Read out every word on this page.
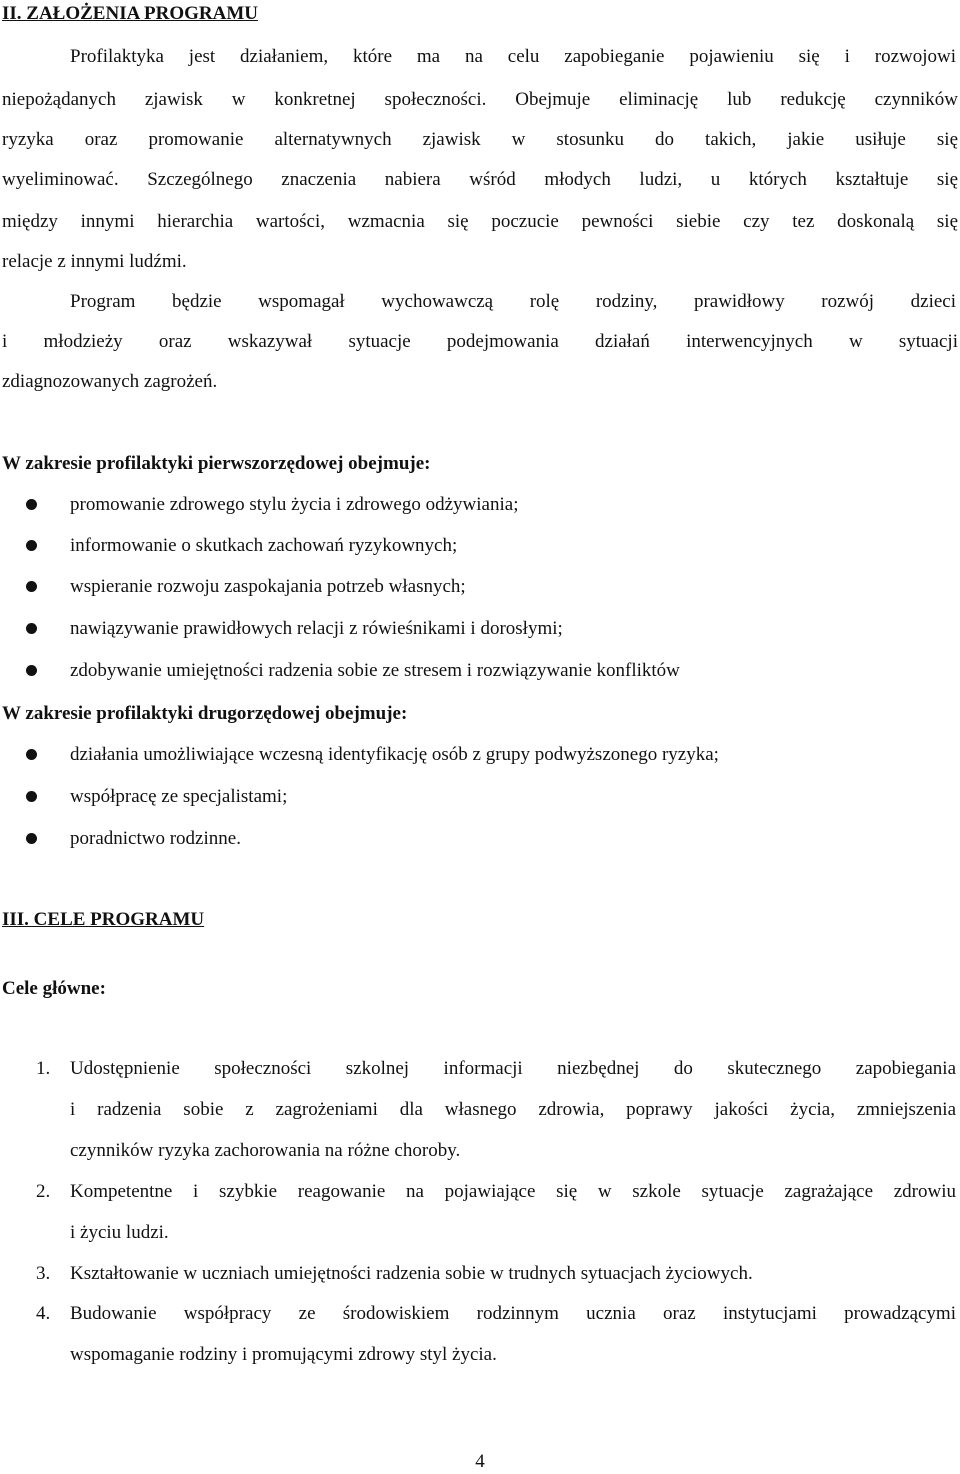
II. ZAŁOŻENIA PROGRAMU
Profilaktyka jest działaniem, które ma na celu zapobieganie pojawieniu się i rozwojowi
niepożądanych zjawisk w konkretnej społeczności. Obejmuje eliminację lub redukcję czynników
ryzyka oraz promowanie alternatywnych zjawisk w stosunku do takich, jakie usiłuje się
wyeliminować. Szczególnego znaczenia nabiera wśród młodych ludzi, u których kształtuje się
między innymi hierarchia wartości, wzmacnia się poczucie pewności siebie czy tez doskonalą się
relacje z innymi ludźmi.
Program będzie wspomagał wychowawczą rolę rodziny, prawidłowy rozwój dzieci
i młodzieży oraz wskazywał sytuacje podejmowania działań interwencyjnych w sytuacji
zdiagnozowanych zagrożeń.
W zakresie profilaktyki pierwszorzędowej obejmuje:
promowanie zdrowego stylu życia i zdrowego odżywiania;
informowanie o skutkach zachowań ryzykownych;
wspieranie rozwoju zaspokajania potrzeb własnych;
nawiązywanie prawidłowych relacji z rówieśnikami i dorosłymi;
zdobywanie umiejętności radzenia sobie ze stresem i rozwiązywanie konfliktów
W zakresie profilaktyki drugorzędowej obejmuje:
działania umożliwiające wczesną identyfikację osób z grupy podwyższonego ryzyka;
współpracę ze specjalistami;
poradnictwo rodzinne.
III. CELE PROGRAMU
Cele główne:
1. Udostępnienie społeczności szkolnej informacji niezbędnej do skutecznego zapobiegania
i radzenia sobie z zagrożeniami dla własnego zdrowia, poprawy jakości życia, zmniejszenia
czynników ryzyka zachorowania na różne choroby.
2. Kompetentne i szybkie reagowanie na pojawiające się w szkole sytuacje zagrażające zdrowiu
i życiu ludzi.
3. Kształtowanie w uczniach umiejętności radzenia sobie w trudnych sytuacjach życiowych.
4. Budowanie współpracy ze środowiskiem rodzinnym ucznia oraz instytucjami prowadzącymi
wspomaganie rodziny i promującymi zdrowy styl życia.
4
